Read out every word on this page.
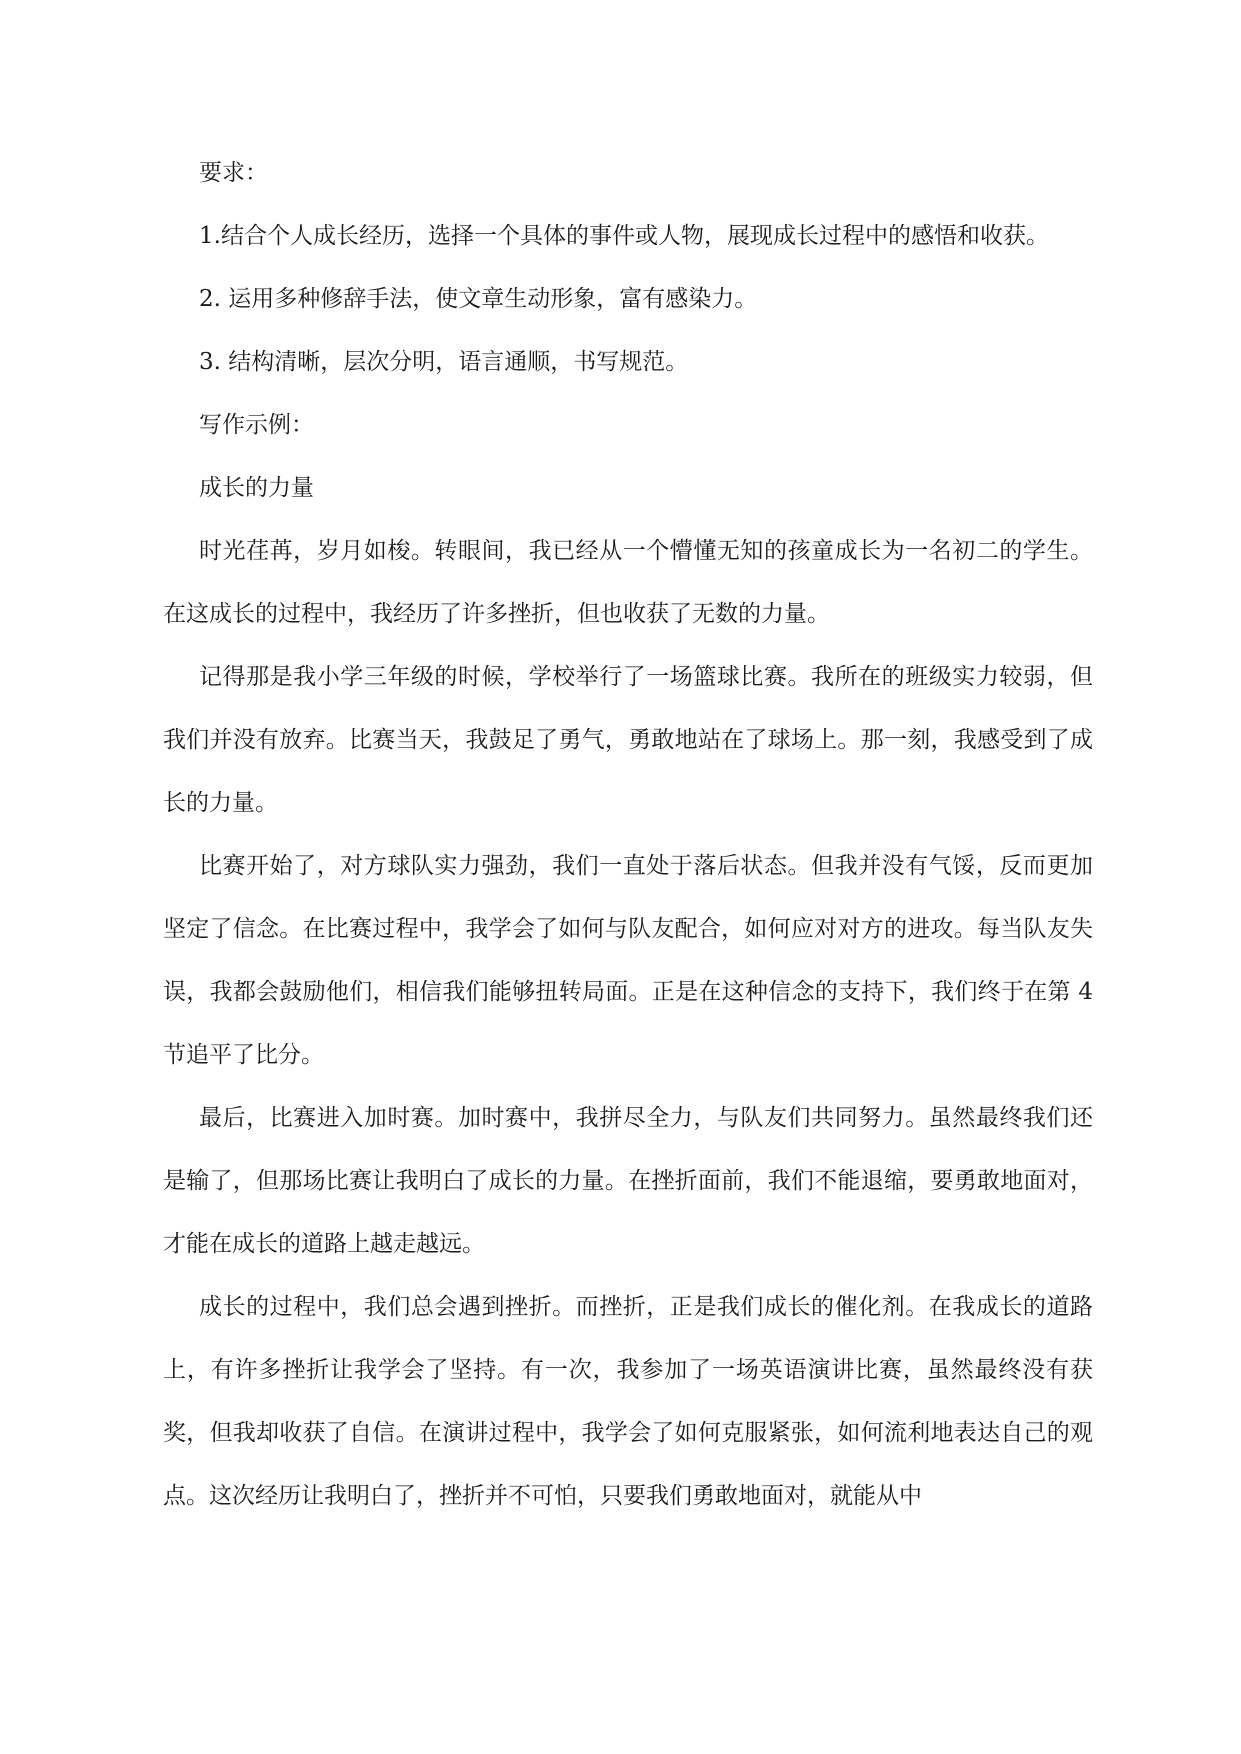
要求：

1.结合个人成长经历，选择一个具体的事件或人物，展现成长过程中的感悟和收获。

2. 运用多种修辞手法，使文章生动形象，富有感染力。

3. 结构清晰，层次分明，语言通顺，书写规范。

写作示例：

成长的力量

时光荏苒，岁月如梭。转眼间，我已经从一个懵懂无知的孩童成长为一名初二的学生。在这成长的过程中，我经历了许多挫折，但也收获了无数的力量。

记得那是我小学三年级的时候，学校举行了一场篮球比赛。我所在的班级实力较弱，但我们并没有放弃。比赛当天，我鼓足了勇气，勇敢地站在了球场上。那一刻，我感受到了成长的力量。

比赛开始了，对方球队实力强劲，我们一直处于落后状态。但我并没有气馁，反而更加坚定了信念。在比赛过程中，我学会了如何与队友配合，如何应对对方的进攻。每当队友失误，我都会鼓励他们，相信我们能够扭转局面。正是在这种信念的支持下，我们终于在第 4 节追平了比分。

最后，比赛进入加时赛。加时赛中，我拼尽全力，与队友们共同努力。虽然最终我们还是输了，但那场比赛让我明白了成长的力量。在挫折面前，我们不能退缩，要勇敢地面对，才能在成长的道路上越走越远。

成长的过程中，我们总会遇到挫折。而挫折，正是我们成长的催化剂。在我成长的道路上，有许多挫折让我学会了坚持。有一次，我参加了一场英语演讲比赛，虽然最终没有获奖，但我却收获了自信。在演讲过程中，我学会了如何克服紧张，如何流利地表达自己的观点。这次经历让我明白了，挫折并不可怕，只要我们勇敢地面对，就能从中
